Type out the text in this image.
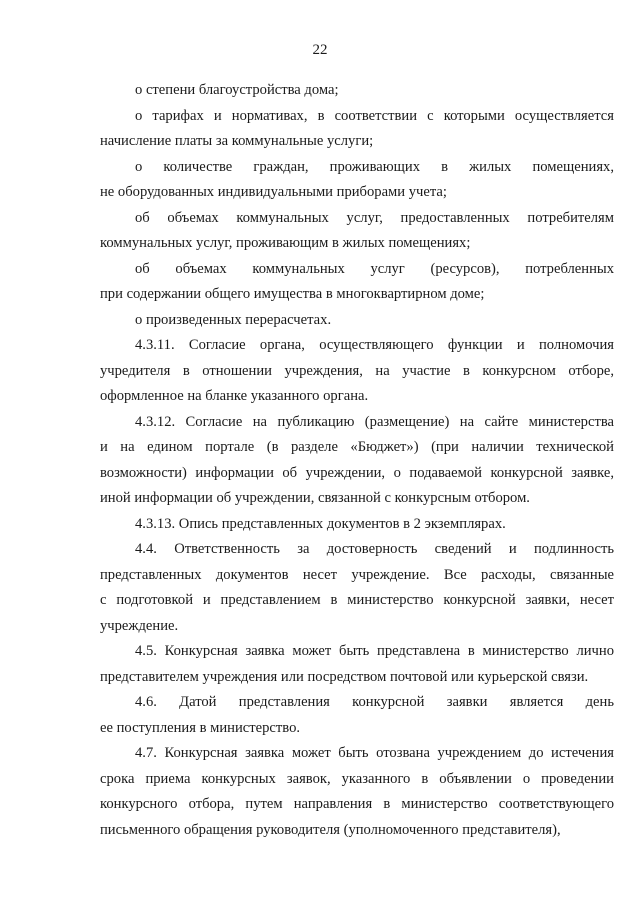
22
о степени благоустройства дома;
о тарифах и нормативах, в соответствии с которыми осуществляется
начисление платы за коммунальные услуги;
о количестве граждан, проживающих в жилых помещениях,
не оборудованных индивидуальными приборами учета;
об объемах коммунальных услуг, предоставленных потребителям
коммунальных услуг, проживающим в жилых помещениях;
об объемах коммунальных услуг (ресурсов), потребленных
при содержании общего имущества в многоквартирном доме;
о произведенных перерасчетах.
4.3.11. Согласие органа, осуществляющего функции и полномочия
учредителя в отношении учреждения, на участие в конкурсном отборе,
оформленное на бланке указанного органа.
4.3.12. Согласие на публикацию (размещение) на сайте министерства
и на едином портале (в разделе «Бюджет») (при наличии технической
возможности) информации об учреждении, о подаваемой конкурсной заявке,
иной информации об учреждении, связанной с конкурсным отбором.
4.3.13. Опись представленных документов в 2 экземплярах.
4.4. Ответственность за достоверность сведений и подлинность
представленных документов несет учреждение. Все расходы, связанные
с подготовкой и представлением в министерство конкурсной заявки, несет
учреждение.
4.5. Конкурсная заявка может быть представлена в министерство лично
представителем учреждения или посредством почтовой или курьерской связи.
4.6. Датой представления конкурсной заявки является день
ее поступления в министерство.
4.7. Конкурсная заявка может быть отозвана учреждением до истечения
срока приема конкурсных заявок, указанного в объявлении о проведении
конкурсного отбора, путем направления в министерство соответствующего
письменного обращения руководителя (уполномоченного представителя),
